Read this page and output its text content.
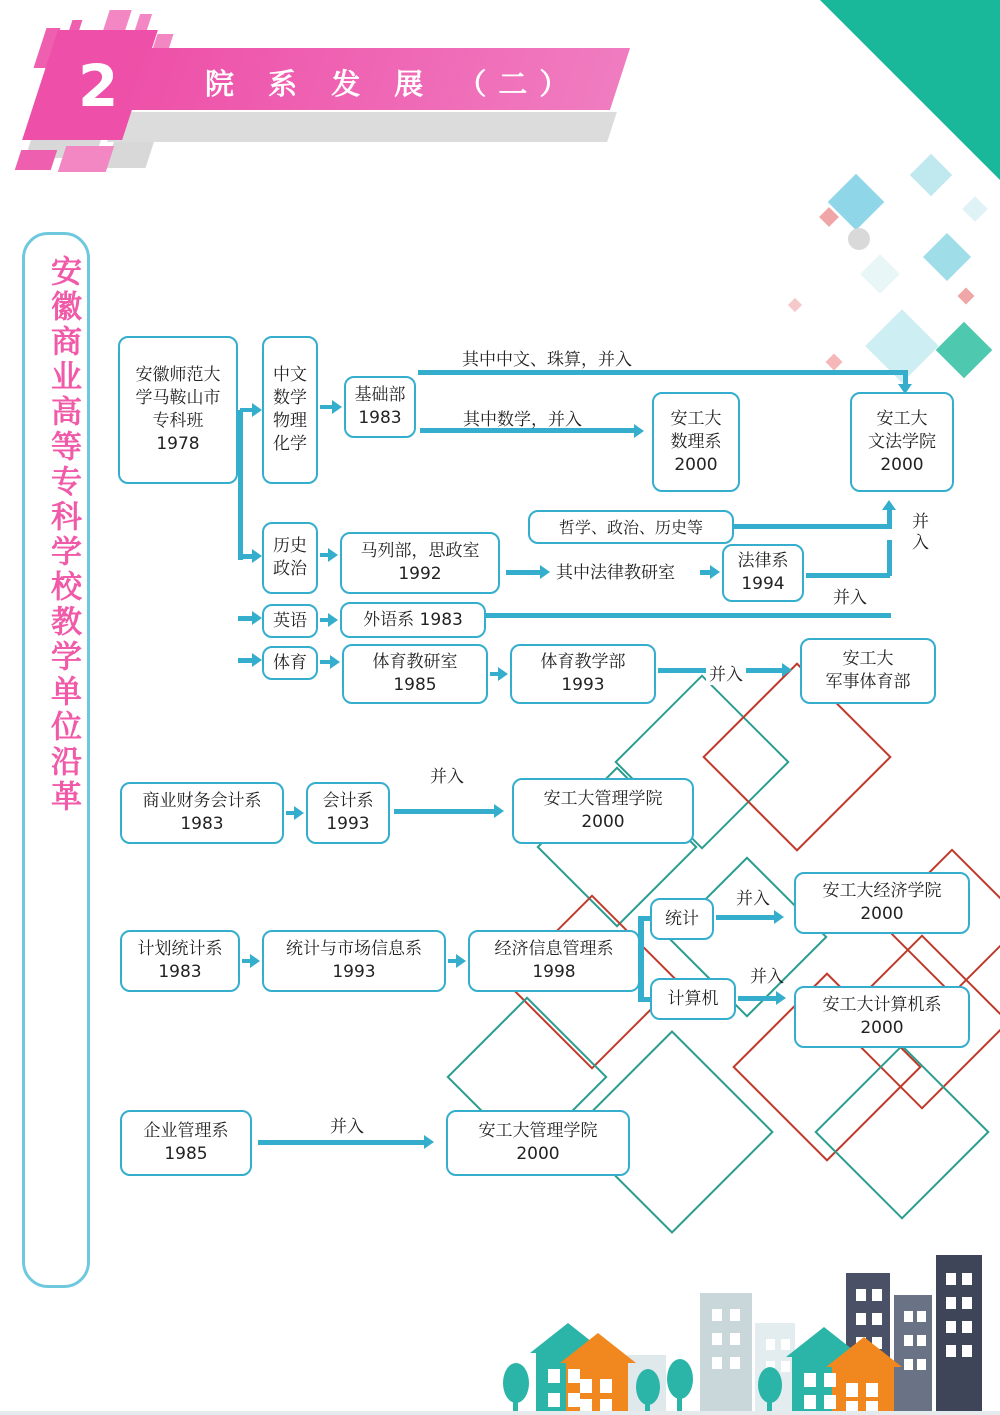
2	院 系 发 展 （二）
安徽商业高等专科学校教学单位沿革	安徽师范大
学马鞍山市
专科班
1978
中文
数学
物理
化学
基础部
1983	安工大
数理系
2000
安工大
文法学院
2000
其中中文、珠算，并入
其中数学，并入
历史
政治
马列部，思政室
1992
哲学、政治、历史等
法律系
1994
其中法律教研室
并入
并
入
英语	外语系 1983
体育	体育教研室
1985
体育教学部
1993
安工大
军事体育部
并入
商业财务会计系
1983
会计系
1993
安工大管理学院
2000
并入
计划统计系
1983
统计与市场信息系
1993
经济信息管理系
1998
统计
计算机
安工大经济学院
2000
并入
安工大计算机系
2000
并入
企业管理系
1985
安工大管理学院
2000
并入
